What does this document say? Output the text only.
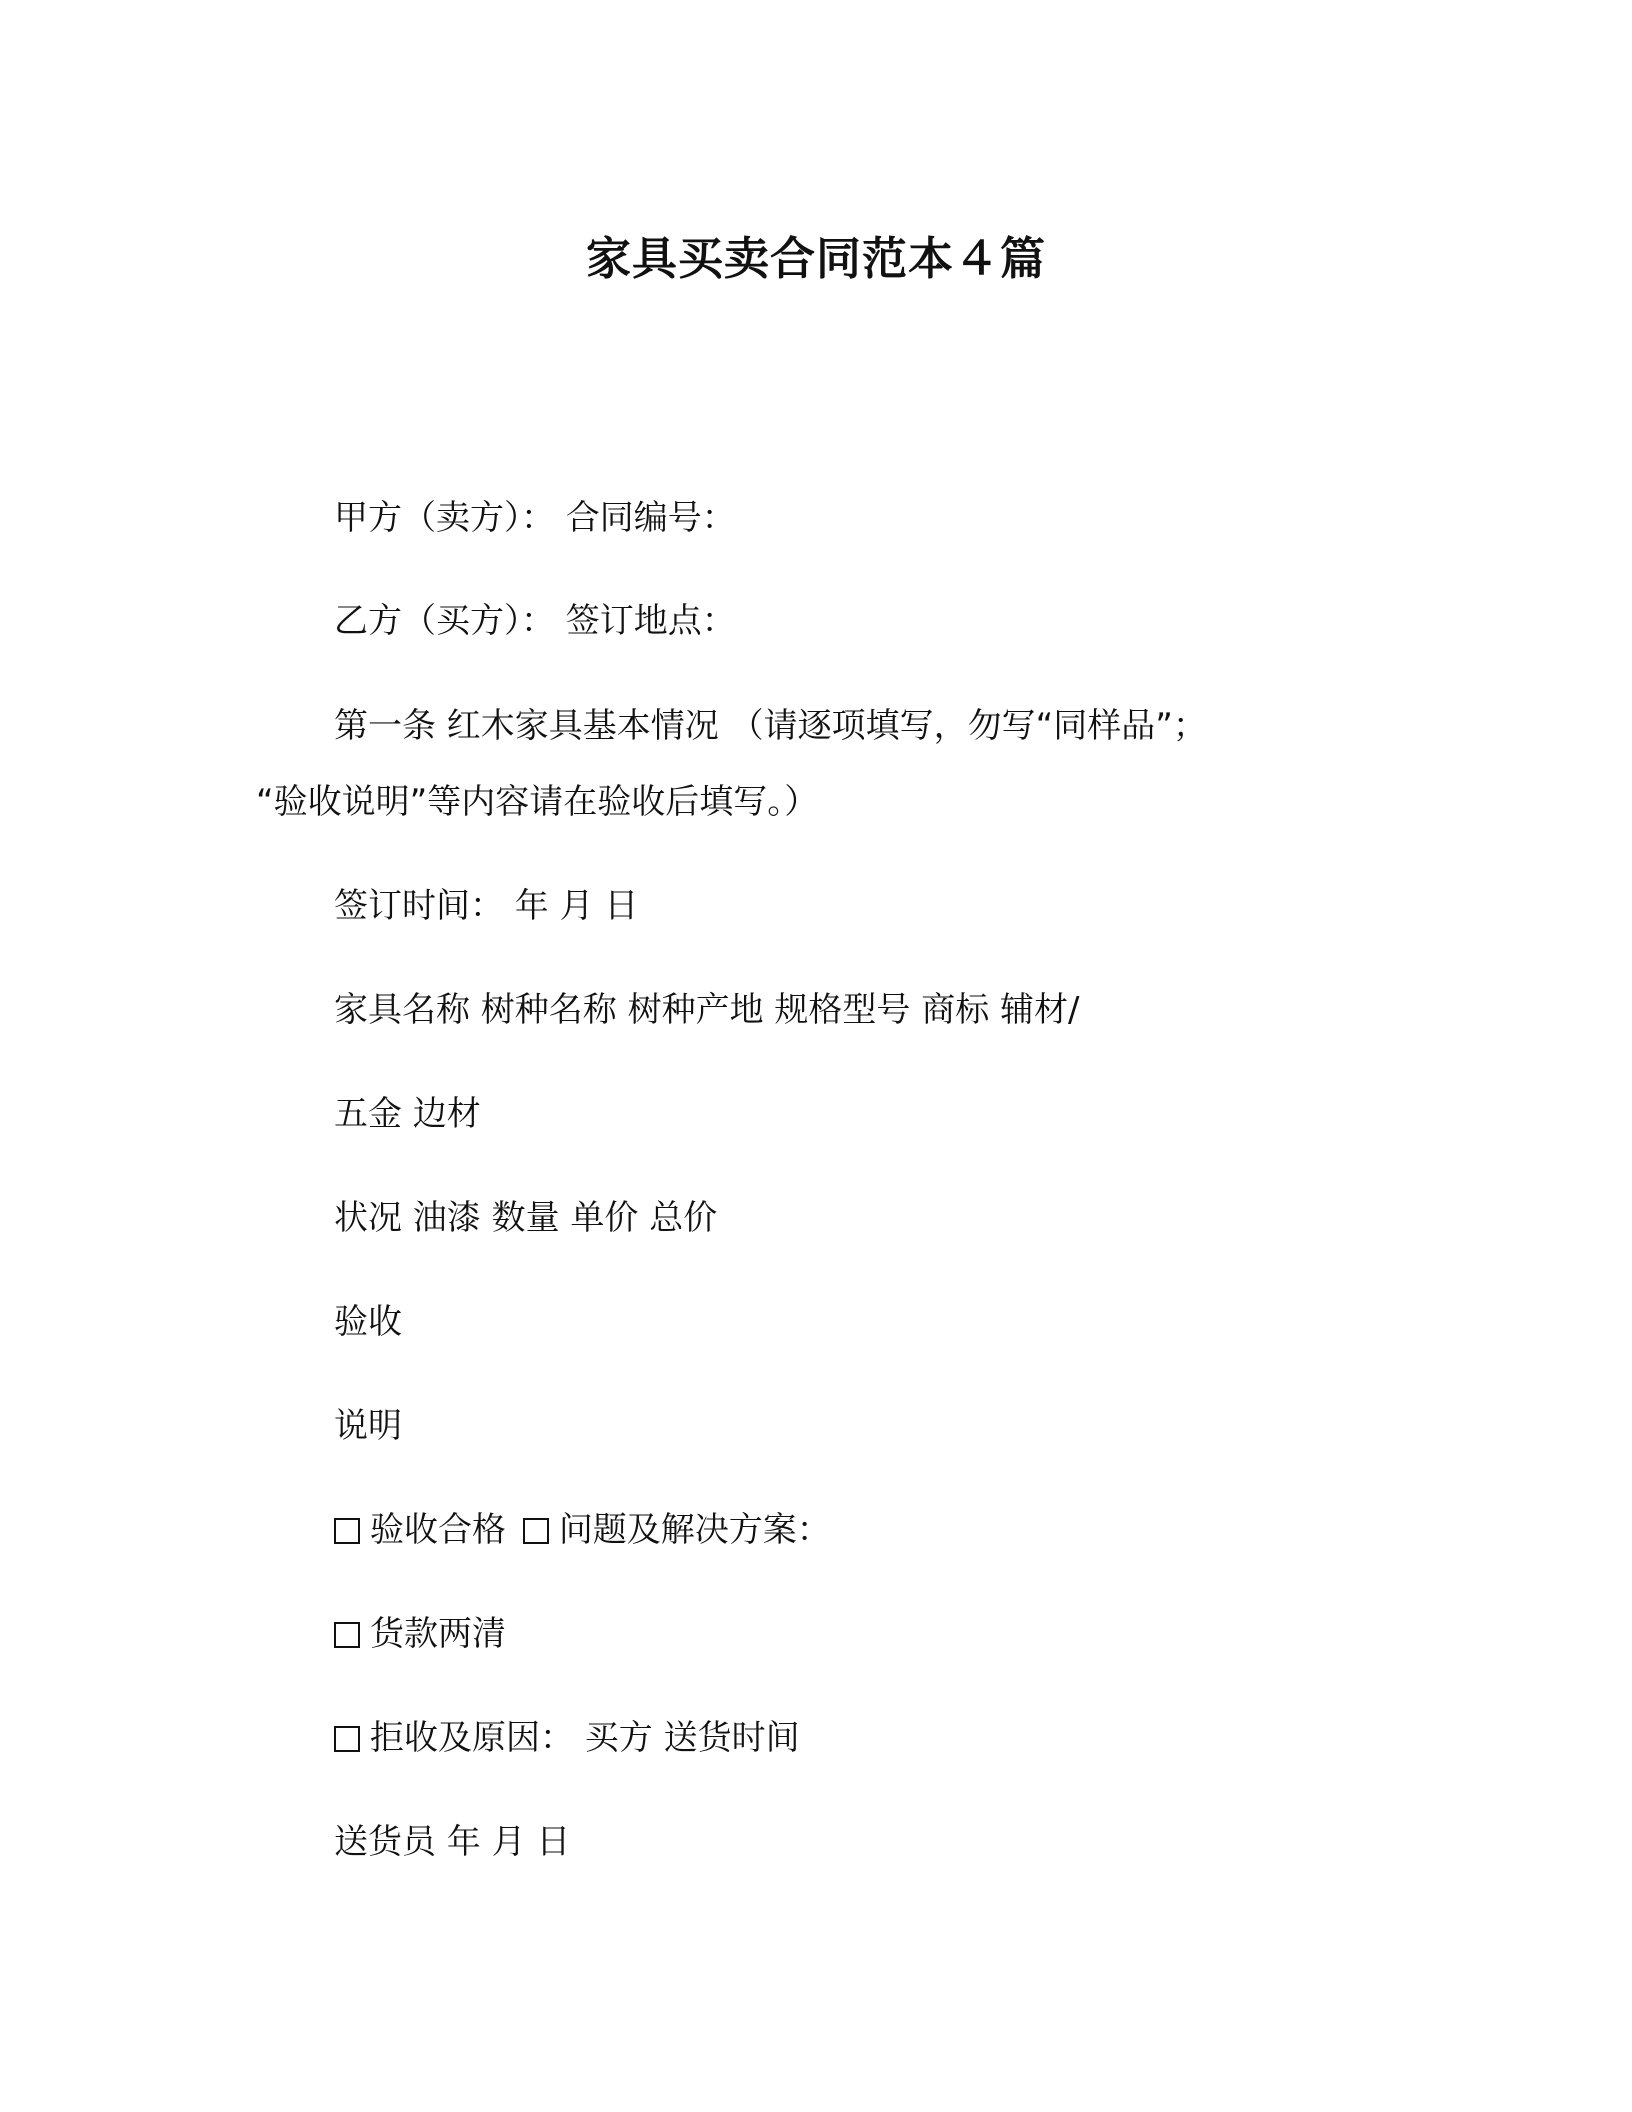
家具买卖合同范本４篇
甲方（卖方）： 合同编号：
乙方（买方）： 签订地点：
第一条 红木家具基本情况 （请逐项填写，勿写“同样品”；
“验收说明”等内容请在验收后填写。）
签订时间： 年 月 日
家具名称 树种名称 树种产地 规格型号 商标 辅材/
五金 边材
状况 油漆 数量 单价 总价
验收
说明
验收合格 问题及解决方案：
货款两清
拒收及原因： 买方 送货时间
送货员 年 月 日
